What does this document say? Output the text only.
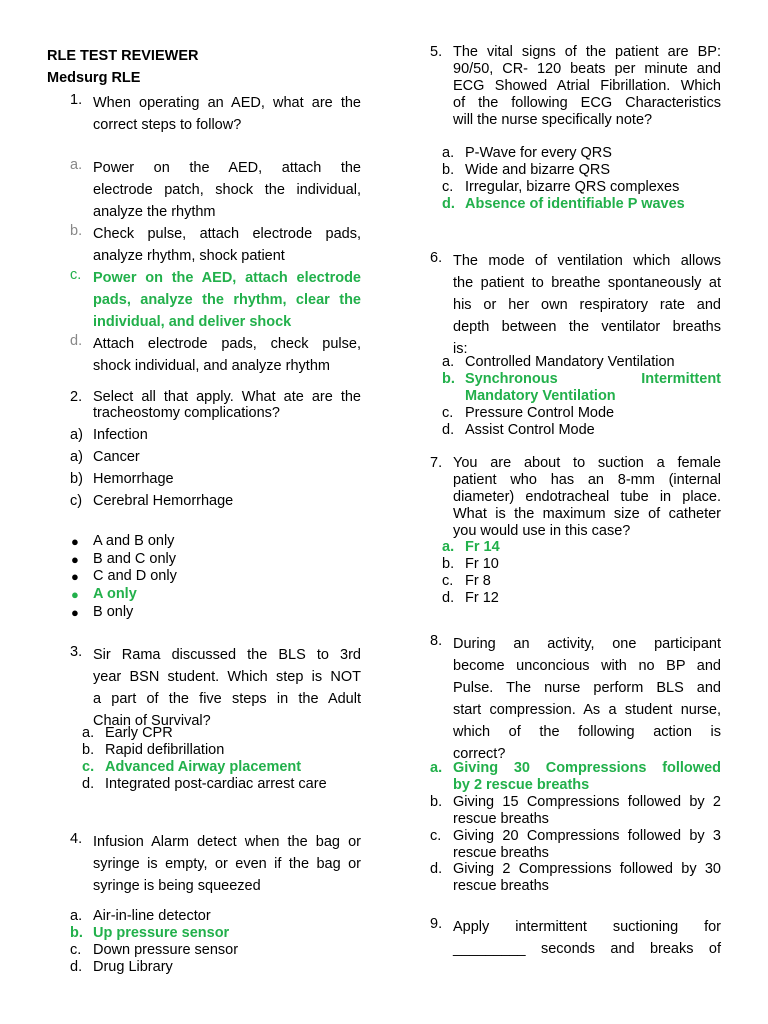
RLE TEST REVIEWER
Medsurg RLE
1. When operating an AED, what are the
correct steps to follow?
a. Power on the AED, attach the
electrode patch, shock the individual,
analyze the rhythm
b. Check pulse, attach electrode pads,
analyze rhythm, shock patient
c. Power on the AED, attach electrode
pads, analyze the rhythm, clear the
individual, and deliver shock
d. Attach electrode pads, check pulse,
shock individual, and analyze rhythm
2. Select all that apply. What ate are the
tracheostomy complications?
a) Infection
a) Cancer
b) Hemorrhage
c) Cerebral Hemorrhage
● A and B only
● B and C only
● C and D only
● A only
● B only
3. Sir Rama discussed the BLS to 3rd
year BSN student. Which step is NOT
a part of the five steps in the Adult
Chain of Survival?
a. Early CPR
b. Rapid defibrillation
c. Advanced Airway placement
d. Integrated post-cardiac arrest care
4. Infusion Alarm detect when the bag or
syringe is empty, or even if the bag or
syringe is being squeezed
a. Air-in-line detector
b. Up pressure sensor
c. Down pressure sensor
d. Drug Library
5. The vital signs of the patient are BP:
90/50, CR- 120 beats per minute and
ECG Showed Atrial Fibrillation. Which
of the following ECG Characteristics
will the nurse specifically note?
a. P-Wave for every QRS
b. Wide and bizarre QRS
c. Irregular, bizarre QRS complexes
d. Absence of identifiable P waves
6. The mode of ventilation which allows
the patient to breathe spontaneously at
his or her own respiratory rate and
depth between the ventilator breaths
is:
a. Controlled Mandatory Ventilation
b. Synchronous	Intermittent
Mandatory Ventilation
c. Pressure Control Mode
d. Assist Control Mode
7. You are about to suction a female
patient who has an 8-mm (internal
diameter) endotracheal tube in place.
What is the maximum size of catheter
you would use in this case?
a. Fr 14
b. Fr 10
c. Fr 8
d. Fr 12
8. During an activity, one participant
become unconcious with no BP and
Pulse. The nurse perform BLS and
start compression. As a student nurse,
which of the following action is
correct?
a. Giving 30 Compressions followed
by 2 rescue breaths
b. Giving 15 Compressions followed by 2
rescue breaths
c. Giving 20 Compressions followed by 3
rescue breaths
d. Giving 2 Compressions followed by 30
rescue breaths
9. Apply intermittent suctioning for
_________ seconds and breaks of
